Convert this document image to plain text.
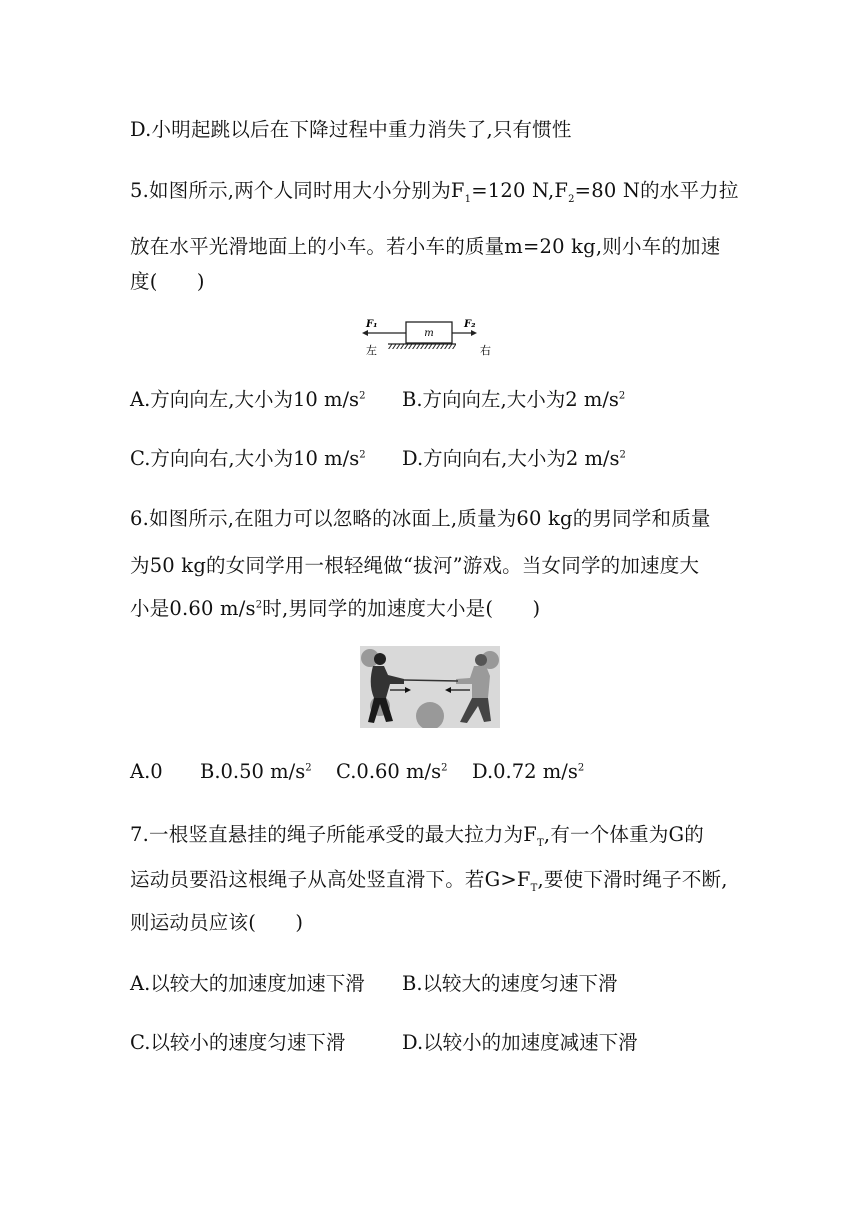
D.小明起跳以后在下降过程中重力消失了,只有惯性
5.如图所示,两个人同时用大小分别为$F_1=120$ $N,F_2=80$ N的水平力拉
放在水平光滑地面上的小车。若小车的质量m=20 kg,则小车的加速
度(　　)
F₁
m
F₂
左	右
A.方向向左,大小为10 $m/s^2$ B.方向向左,大小为2 $m/s^2$
C.方向向右,大小为10 $m/s^2$ D.方向向右,大小为2 $m/s^2$
6.如图所示,在阻力可以忽略的冰面上,质量为60 kg的男同学和质量
为50 kg的女同学用一根轻绳做“拔河”游戏。当女同学的加速度大
小是0.60 $m/s^2$时,男同学的加速度大小是(　　)
A.0 B.0.50 $m/s^2$ C.0.60 $m/s^2$ D.0.72 $m/s^2$
7.一根竖直悬挂的绳子所能承受的最大拉力为$F_T$,有一个体重为G的
运动员要沿这根绳子从高处竖直滑下。若$G>F_T$,要使下滑时绳子不断,
则运动员应该(　　)
A.以较大的加速度加速下滑 B.以较大的速度匀速下滑
C.以较小的速度匀速下滑	D.以较小的加速度减速下滑
